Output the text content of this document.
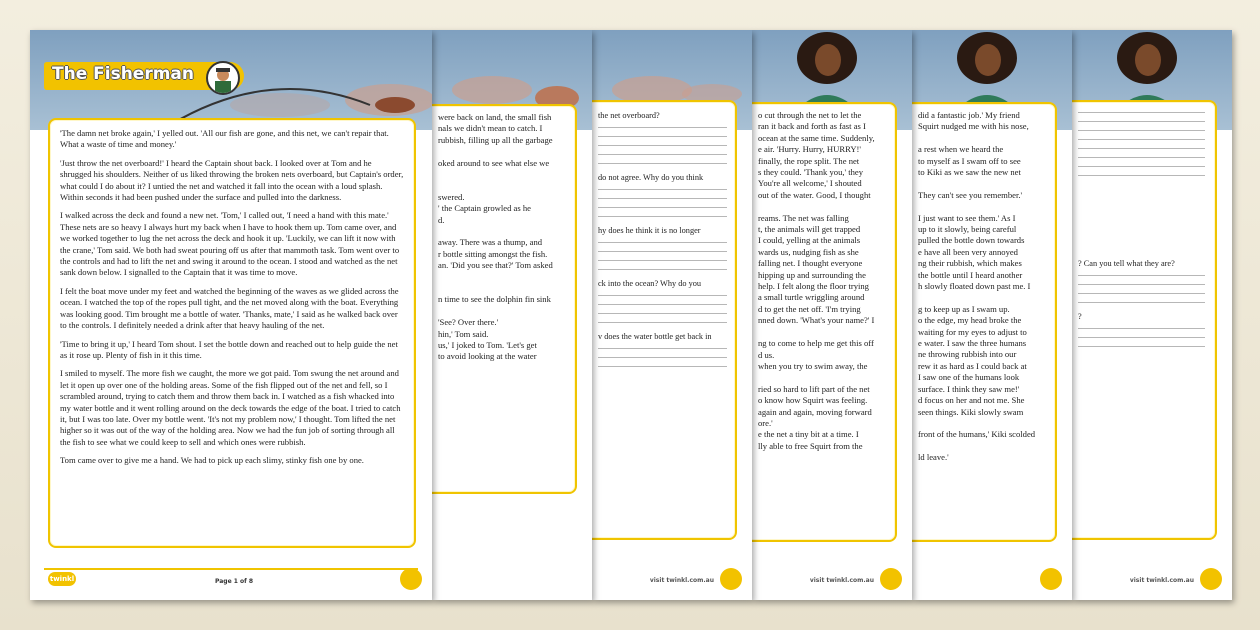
? Can you tell what they are?
?
visit twinkl.com.au
did a fantastic job.' My friend
Squirt nudged me with his nose,
a rest when we heard the
to myself as I swam off to see
to Kiki as we saw the new net
They can't see you remember.'
I just want to see them.' As I
up to it slowly, being careful
pulled the bottle down towards
e have all been very annoyed
ng their rubbish, which makes
the bottle until I heard another
h slowly floated down past me. I
g to keep up as I swam up.
o the edge, my head broke the
waiting for my eyes to adjust to
e water. I saw the three humans
ne throwing rubbish into our
rew it as hard as I could back at
I saw one of the humans look
surface. I think they saw me!'
d focus on her and not me. She
seen things. Kiki slowly swam
front of the humans,' Kiki scolded
ld leave.'
o cut through the net to let the
ran it back and forth as fast as I
ocean at the same time. Suddenly,
e air. 'Hurry. Hurry, HURRY!'
finally, the rope split. The net
s they could. 'Thank you,' they
You're all welcome,' I shouted
out of the water. Good, I thought
reams. The net was falling
t, the animals will get trapped
I could, yelling at the animals
wards us, nudging fish as she
falling net. I thought everyone
hipping up and surrounding the
help. I felt along the floor trying
a small turtle wriggling around
d to get the net off. 'I'm trying
nned down. 'What's your name?' I
ng to come to help me get this off
d us.
when you try to swim away, the
ried so hard to lift part of the net
o know how Squirt was feeling.
again and again, moving forward
ore.'
e the net a tiny bit at a time. I
lly able to free Squirt from the
visit twinkl.com.au
the net overboard?
do not agree. Why do you think
hy does he think it is no longer
ck into the ocean? Why do you
v does the water bottle get back in
visit twinkl.com.au
were back on land, the small fish
nals we didn't mean to catch. I
rubbish, filling up all the garbage
oked around to see what else we
swered.
' the Captain growled as he
d.
away. There was a thump, and
r bottle sitting amongst the fish.
an. 'Did you see that?' Tom asked
n time to see the dolphin fin sink
'See? Over there.'
hin,' Tom said.
us,' I joked to Tom. 'Let's get
to avoid looking at the water
The Fisherman

'The damn net broke again,' I yelled out. 'All our fish are gone, and this net, we can't repair that. What a waste of time and money.'

'Just throw the net overboard!' I heard the Captain shout back. I looked over at Tom and he shrugged his shoulders. Neither of us liked throwing the broken nets overboard, but Captain's order, what could I do about it? I untied the net and watched it fall into the ocean with a loud splash. Within seconds it had been pushed under the surface and pulled into the darkness.

I walked across the deck and found a new net. 'Tom,' I called out, 'I need a hand with this mate.' These nets are so heavy I always hurt my back when I have to hook them up. Tom came over, and we worked together to lug the net across the deck and hook it up. 'Luckily, we can lift it now with the crane,' Tom said. We both had sweat pouring off us after that mammoth task. Tom went over to the controls and had to lift the net and swing it around to the ocean. I stood and watched as the net sank down below. I signalled to the Captain that it was time to move.

I felt the boat move under my feet and watched the beginning of the waves as we glided across the ocean. I watched the top of the ropes pull tight, and the net moved along with the boat. Everything was looking good. Tim brought me a bottle of water. 'Thanks, mate,' I said as he walked back over to the controls. I definitely needed a drink after that heavy hauling of the net.

'Time to bring it up,' I heard Tom shout. I set the bottle down and reached out to help guide the net as it rose up. Plenty of fish in it this time.

I smiled to myself. The more fish we caught, the more we got paid. Tom swung the net around and let it open up over one of the holding areas. Some of the fish flipped out of the net and fell, so I scrambled around, trying to catch them and throw them back in. I watched as a fish whacked into my water bottle and it went rolling around on the deck towards the edge of the boat. I tried to catch it, but I was too late. Over my bottle went. 'It's not my problem now,' I thought. Tom lifted the net higher so it was out of the way of the holding area. Now we had the fun job of sorting through all the fish to see what we could keep to sell and which ones were rubbish.

Tom came over to give me a hand. We had to pick up each slimy, stinky fish one by one.

twinkl	Page 1 of 8
